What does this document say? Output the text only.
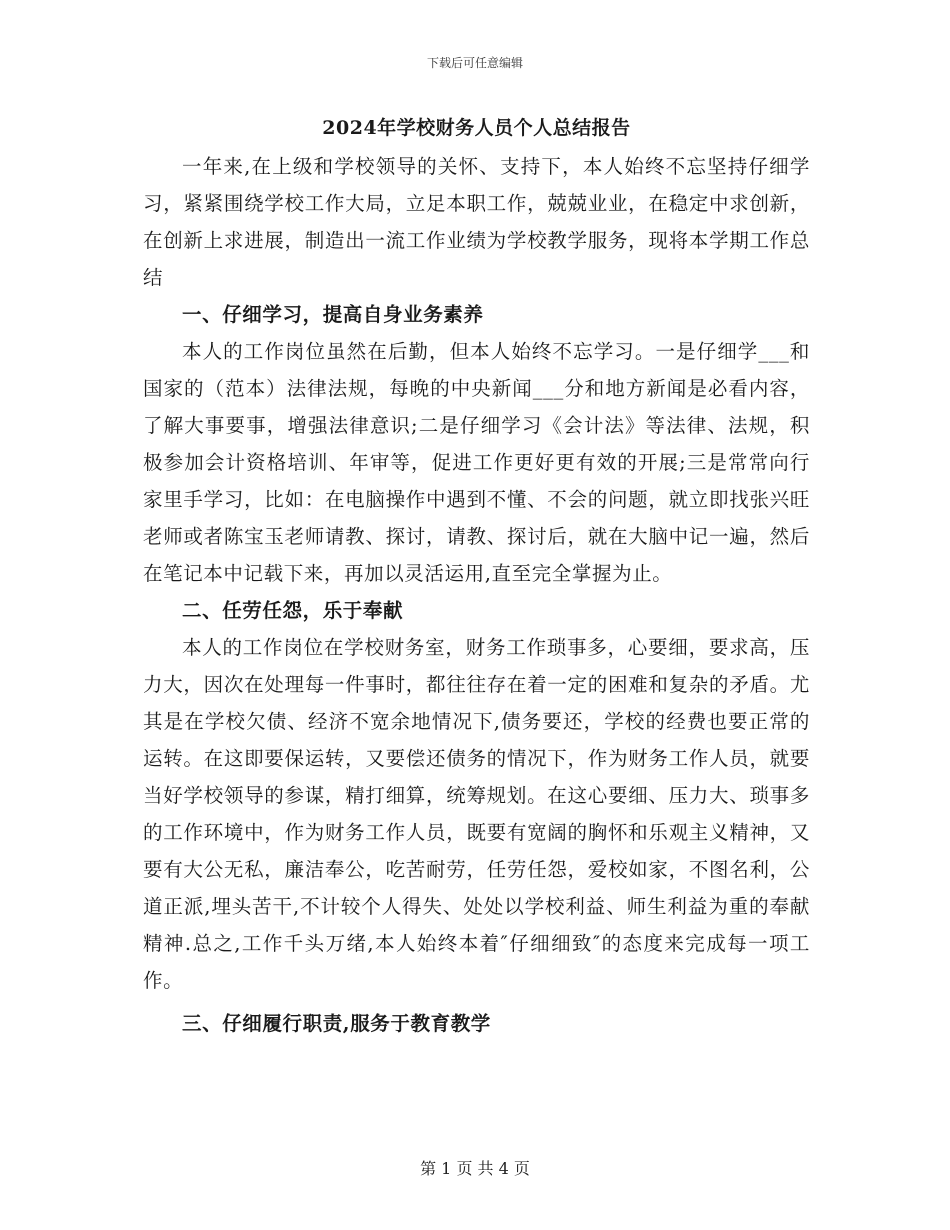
下载后可任意编辑
2024年学校财务人员个人总结报告

一年来,在上级和学校领导的关怀、支持下，本人始终不忘坚持仔细学习，紧紧围绕学校工作大局，立足本职工作，兢兢业业，在稳定中求创新，在创新上求进展，制造出一流工作业绩为学校教学服务，现将本学期工作总结

一、仔细学习，提高自身业务素养

本人的工作岗位虽然在后勤，但本人始终不忘学习。一是仔细学___和国家的（范本）法律法规，每晚的中央新闻___分和地方新闻是必看内容，了解大事要事，增强法律意识;二是仔细学习《会计法》等法律、法规，积极参加会计资格培训、年审等，促进工作更好更有效的开展;三是常常向行家里手学习，比如：在电脑操作中遇到不懂、不会的问题，就立即找张兴旺老师或者陈宝玉老师请教、探讨，请教、探讨后，就在大脑中记一遍，然后在笔记本中记载下来，再加以灵活运用,直至完全掌握为止。

二、任劳任怨，乐于奉献

本人的工作岗位在学校财务室，财务工作琐事多，心要细，要求高，压力大，因次在处理每一件事时，都往往存在着一定的困难和复杂的矛盾。尤其是在学校欠债、经济不宽余地情况下,债务要还，学校的经费也要正常的运转。在这即要保运转，又要偿还债务的情况下，作为财务工作人员，就要当好学校领导的参谋，精打细算，统筹规划。在这心要细、压力大、琐事多的工作环境中，作为财务工作人员，既要有宽阔的胸怀和乐观主义精神，又要有大公无私，廉洁奉公，吃苦耐劳，任劳任怨，爱校如家，不图名利，公道正派,埋头苦干,不计较个人得失、处处以学校利益、师生利益为重的奉献精神.总之,工作千头万绪,本人始终本着″仔细细致″的态度来完成每一项工作。

三、仔细履行职责,服务于教育教学
第 1 页 共 4 页
